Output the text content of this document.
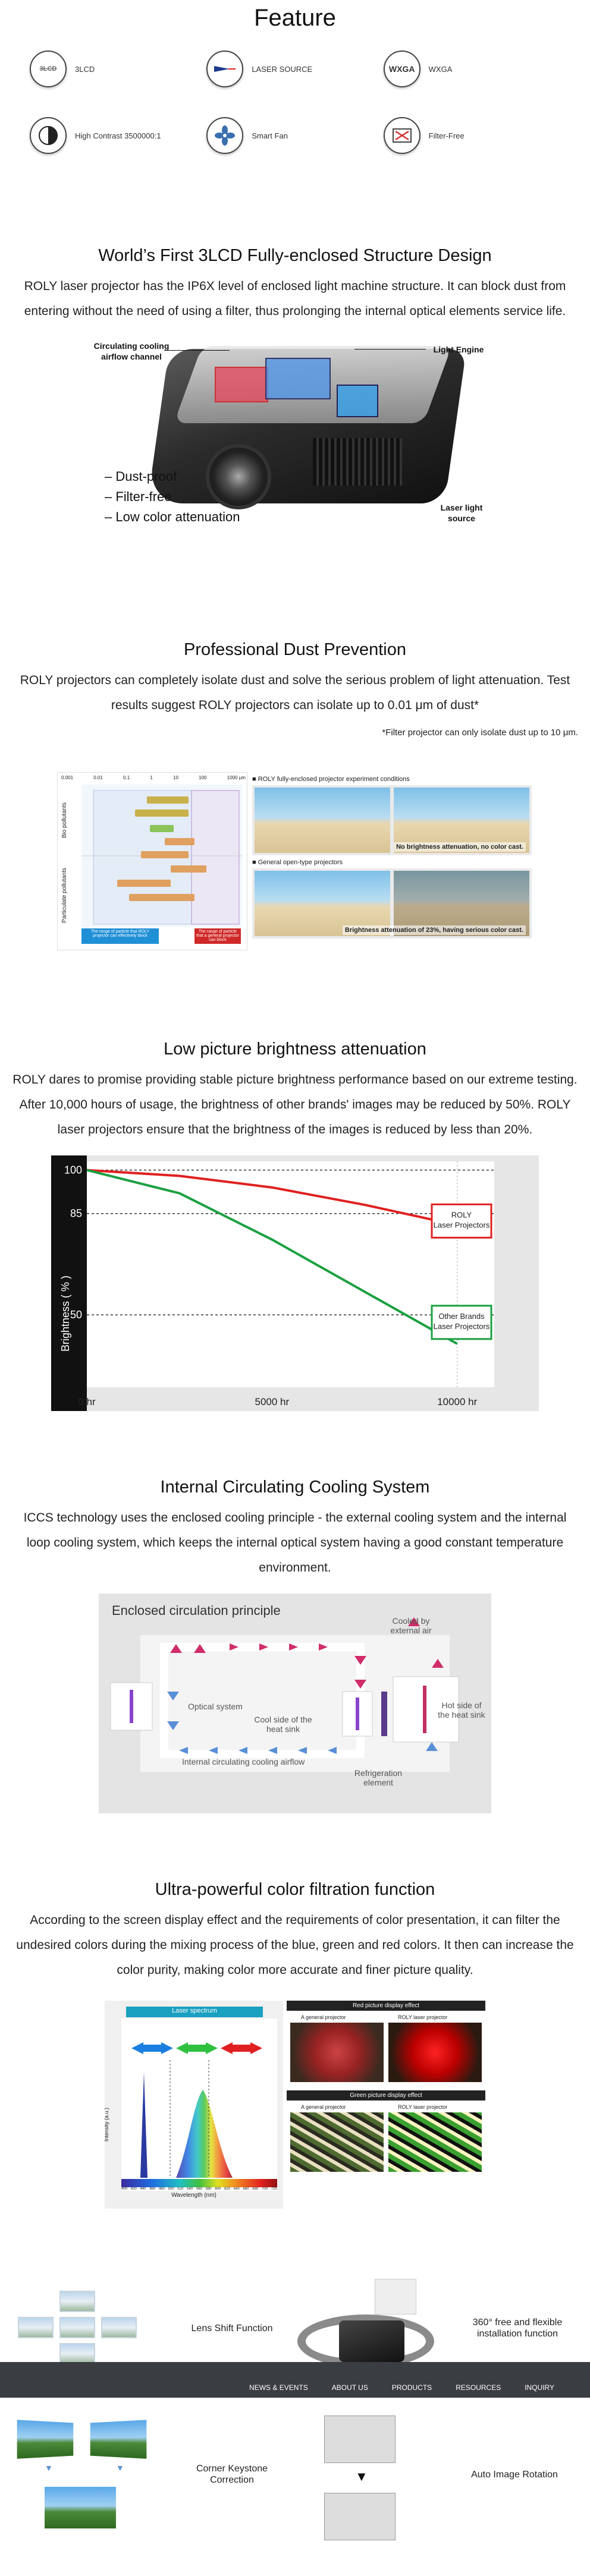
Feature
3LCD	3LCD	LASER SOURCE	WXGA	WXGA
High Contrast 3500000:1	Smart Fan	Filter-Free
World’s First 3LCD Fully-enclosed Structure Design

ROLY laser projector has the IP6X level of enclosed light machine structure. It can block dust from entering without the need of using a filter, thus prolonging the internal optical elements service life.

Circulating cooling airflow channel
Light Engine
Laser light source
– Dust-proof
– Filter-free
– Low color attenuation
Professional Dust Prevention

ROLY projectors can completely isolate dust and solve the serious problem of light attenuation. Test results suggest ROLY projectors can isolate up to 0.01 μm of dust*

*Filter projector can only isolate dust up to 10 μm.
0.001	0.01	0.1	1	10	100	1000 μm
Bio pollutants
Particulate pollutants
The range of particle that ROLY projector can effectively block
The range of particle that a general projector can block
■ ROLY fully-enclosed projector experiment conditions
No brightness attenuation, no color cast.
■ General open-type projectors
Brightness attenuation of 23%, having serious color cast.
Low picture brightness attenuation

ROLY dares to promise providing stable picture brightness performance based on our extreme testing. After 10,000 hours of usage, the brightness of other brands' images may be reduced by 50%. ROLY laser projectors ensure that the brightness of the images is reduced by less than 20%.

100
85
50
0 hr	5000 hr	10000 hr
Brightness ( % )
ROLY Laser Projectors
Other Brands Laser Projectors
Internal Circulating Cooling System

ICCS technology uses the enclosed cooling principle - the external cooling system and the internal loop cooling system, which keeps the internal optical system having a good constant temperature environment.

Enclosed circulation principle
Cooled by external air
Optical system
Cool side of the heat sink
Hot side of the heat sink
Internal circulating cooling airflow
Refrigeration element
Ultra-powerful color filtration function

According to the screen display effect and the requirements of color presentation, it can filter the undesired colors during the mixing process of the blue, green and red colors. It then can increase the color purity, making color more accurate and finer picture quality.

Laser spectrum
Wavelength (nm)
Intensity (a.u.)
400 420 440 460 480 500 520 540 560 580 600 620 640 660 680 700 720
Red picture display effect
A general projector	ROLY laser projector
Green picture display effect
A general projector	ROLY laser projector
Lens Shift Function
360° free and flexible installation function
NEWS & EVENTS	ABOUT US	PRODUCTS	RESOURCES	INQUIRY
▼	▼	Corner Keystone Correction	▼	Auto Image Rotation
